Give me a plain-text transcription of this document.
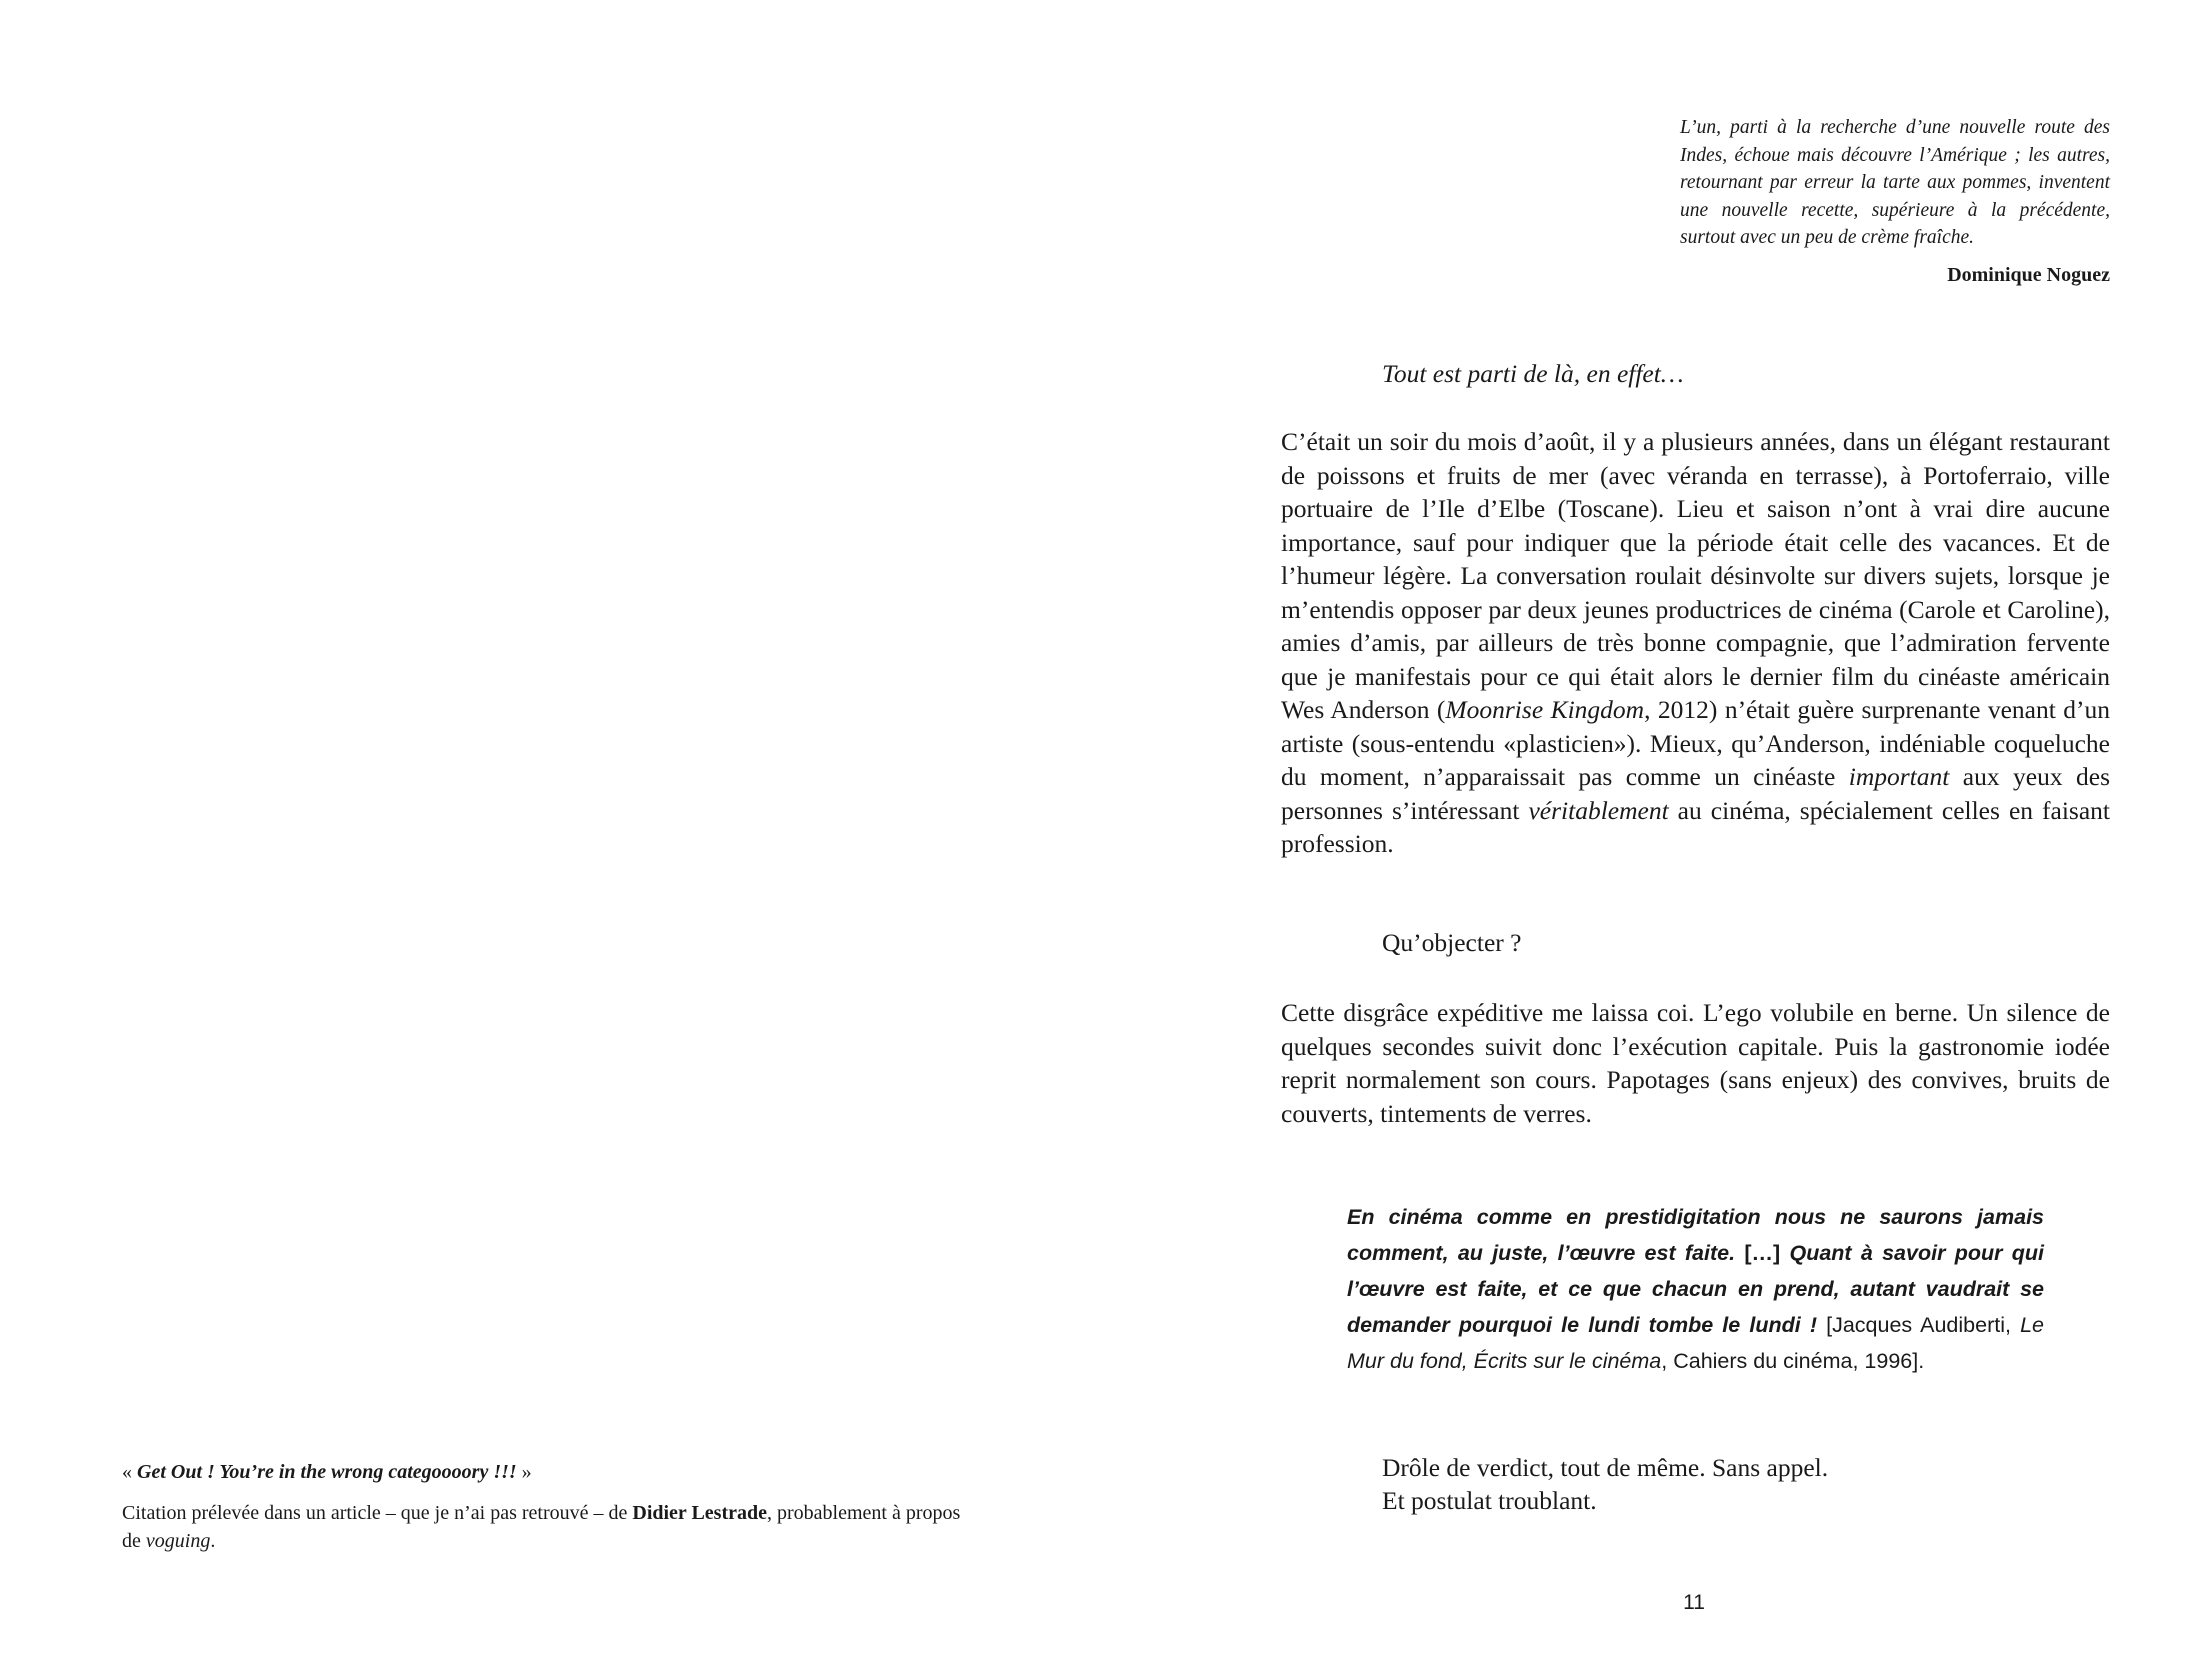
« Get Out ! You’re in the wrong categoooory !!! »

Citation prélevée dans un article – que je n’ai pas retrouvé – de Didier Lestrade, probablement à propos de voguing.

L’un, parti à la recherche d’une nouvelle route des Indes, échoue mais découvre l’Amérique ; les autres, retournant par erreur la tarte aux pommes, inventent une nouvelle recette, supérieure à la précédente, surtout avec un peu de crème fraîche.
Dominique Noguez
Tout est parti de là, en effet…

C’était un soir du mois d’août, il y a plusieurs années, dans un élégant restaurant de poissons et fruits de mer (avec véranda en terrasse), à Portoferraio, ville portuaire de l’Ile d’Elbe (Toscane). Lieu et saison n’ont à vrai dire aucune importance, sauf pour indiquer que la période était celle des vacances. Et de l’humeur légère. La conversation roulait désinvolte sur divers sujets, lorsque je m’entendis opposer par deux jeunes productrices de cinéma (Carole et Caroline), amies d’amis, par ailleurs de très bonne compagnie, que l’admiration fervente que je manifestais pour ce qui était alors le dernier film du cinéaste américain Wes Anderson (Moonrise Kingdom, 2012) n’était guère surprenante venant d’un artiste (sous-entendu «plasticien»). Mieux, qu’Anderson, indéniable coqueluche du moment, n’apparaissait pas comme un cinéaste important aux yeux des personnes s’intéressant véritablement au cinéma, spécialement celles en faisant profession.

Qu’objecter ?

Cette disgrâce expéditive me laissa coi. L’ego volubile en berne. Un silence de quelques secondes suivit donc l’exécution capitale. Puis la gastronomie iodée reprit normalement son cours. Papotages (sans enjeux) des convives, bruits de couverts, tintements de verres.

En cinéma comme en prestidigitation nous ne saurons jamais comment, au juste, l’œuvre est faite. […] Quant à savoir pour qui l’œuvre est faite, et ce que chacun en prend, autant vaudrait se demander pourquoi le lundi tombe le lundi ! [Jacques Audiberti, Le Mur du fond, Écrits sur le cinéma, Cahiers du cinéma, 1996].

Drôle de verdict, tout de même. Sans appel.
Et postulat troublant.
11
